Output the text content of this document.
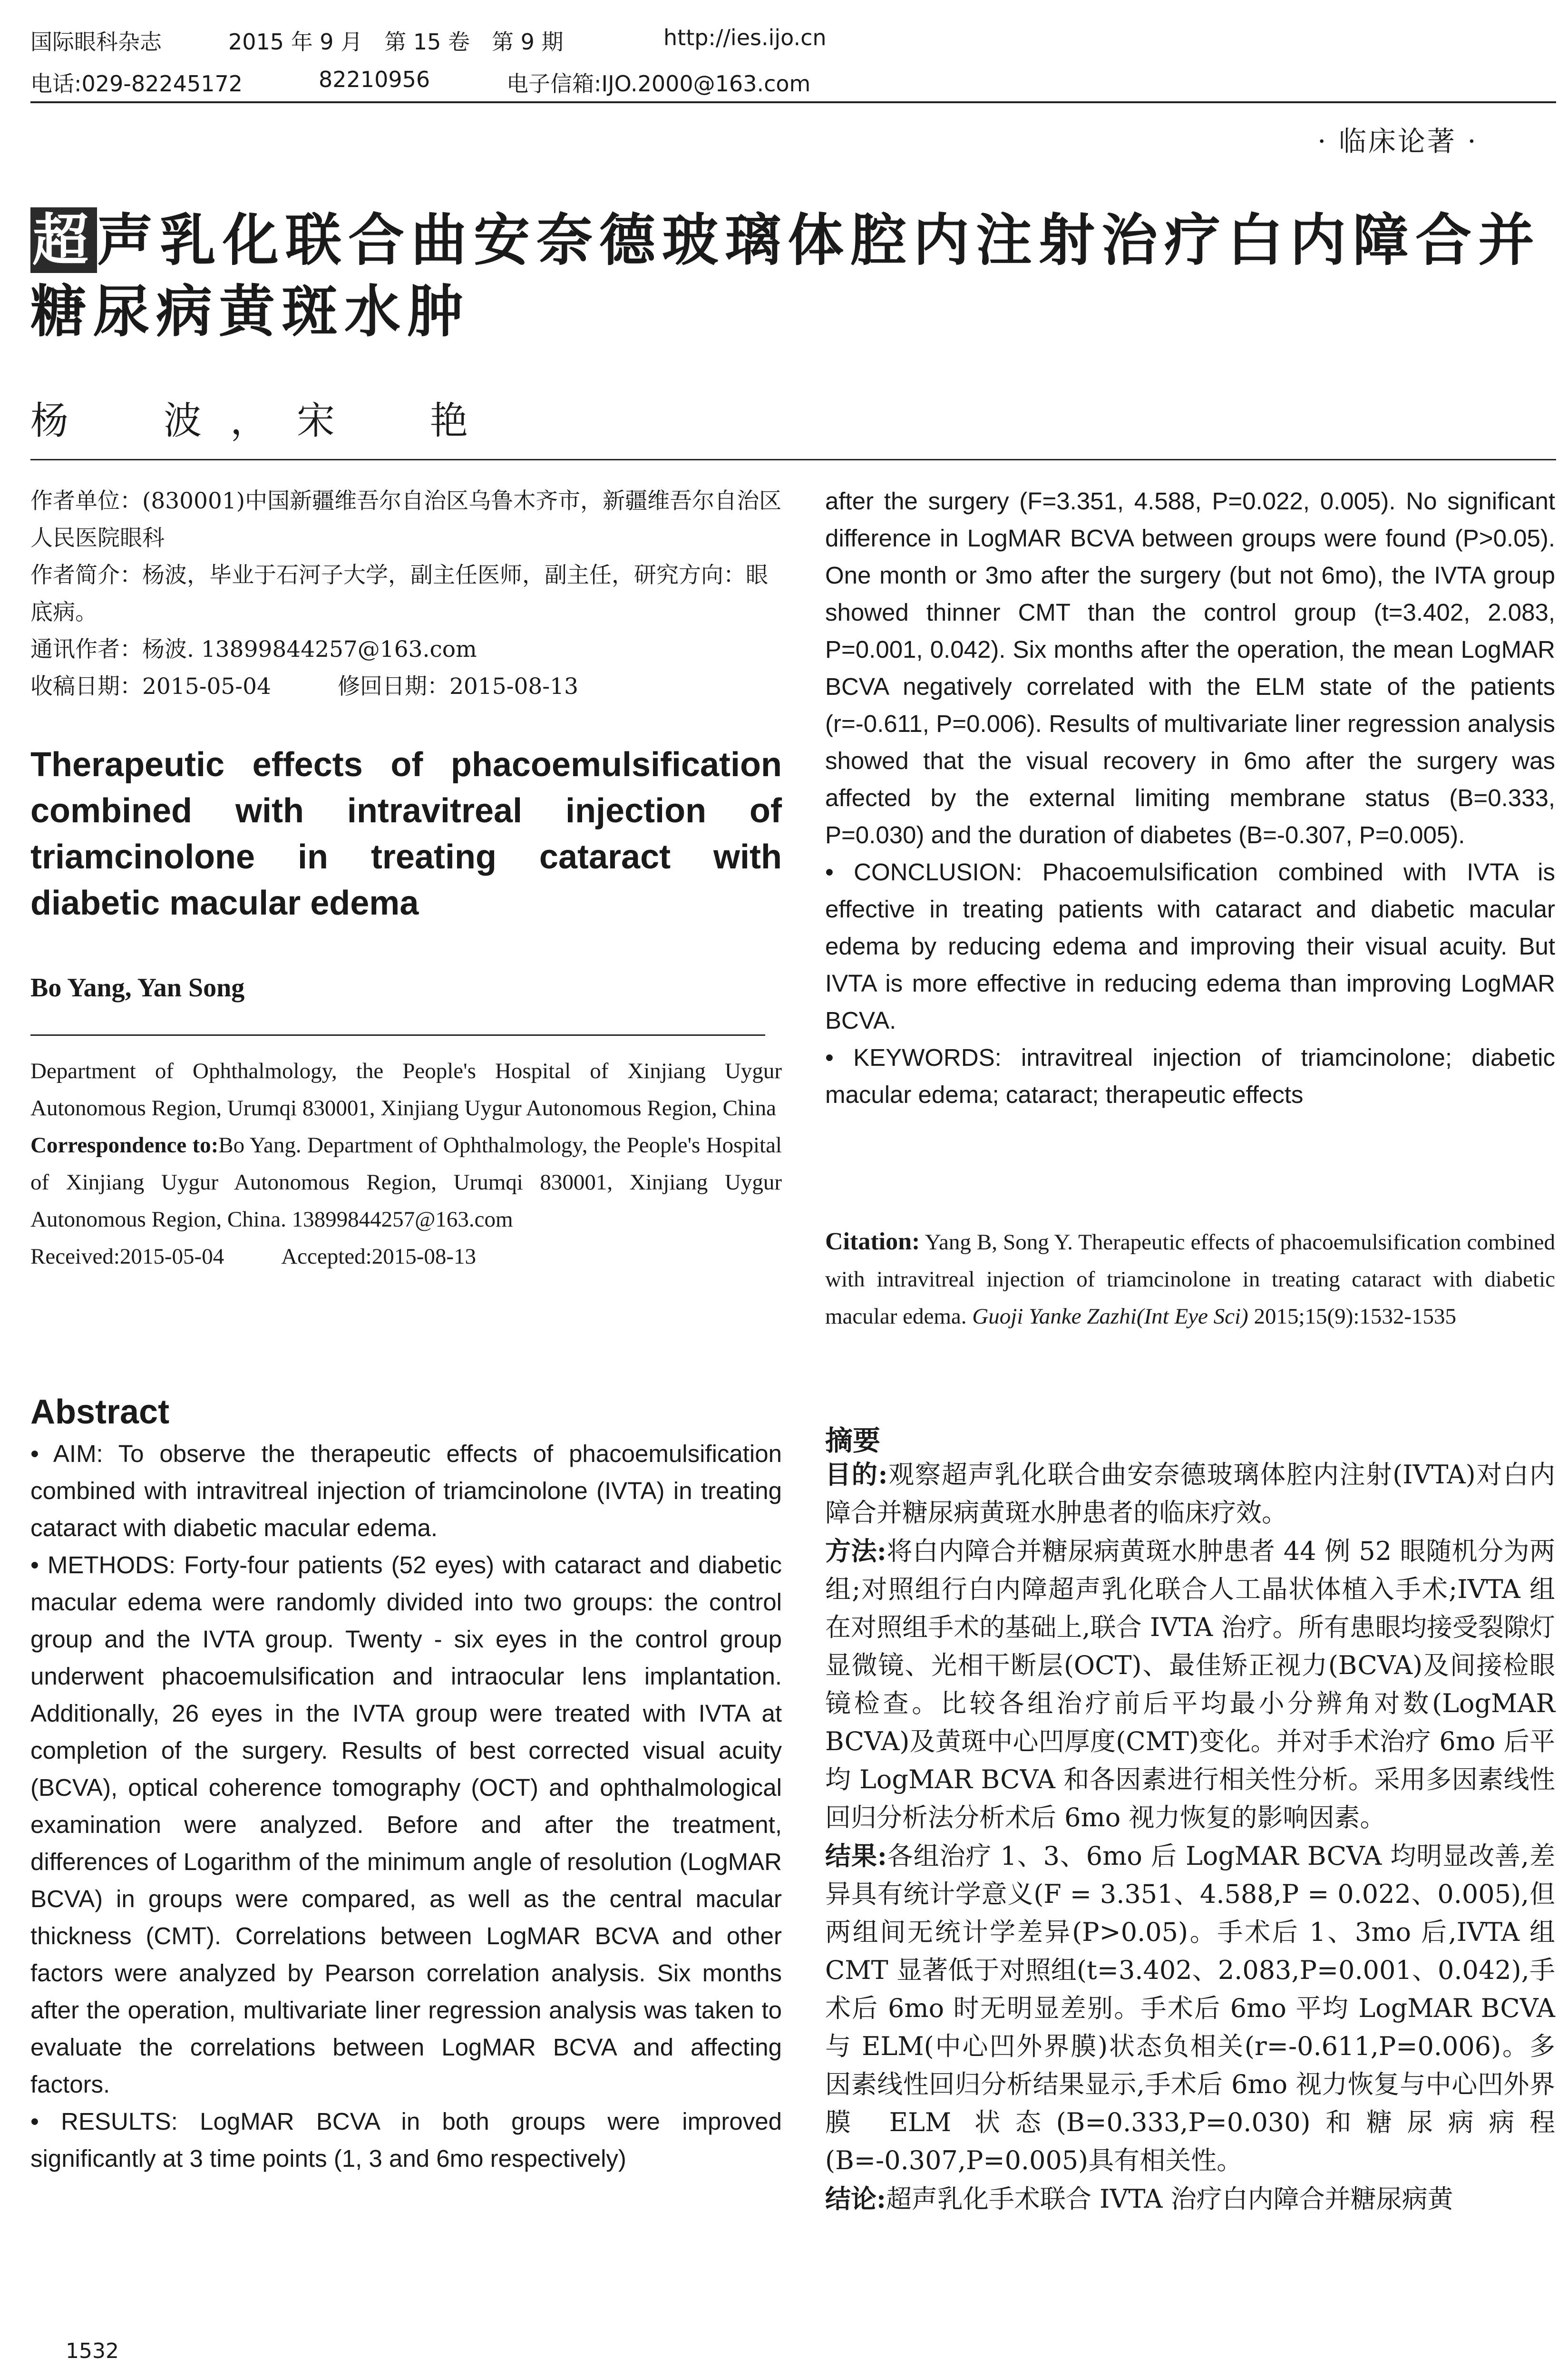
国际眼科杂志	2015 年 9 月　第 15 卷　第 9 期	http://ies.ijo.cn
电话:029-82245172	82210956	电子信箱:IJO.2000@163.com
· 临床论著 ·
超声乳化联合曲安奈德玻璃体腔内注射治疗白内障合并糖尿病黄斑水肿
杨　波，宋　艳
作者单位：(830001)中国新疆维吾尔自治区乌鲁木齐市，新疆维吾尔自治区人民医院眼科
作者简介：杨波，毕业于石河子大学，副主任医师，副主任，研究方向：眼底病。
通讯作者：杨波. 13899844257@163.com
收稿日期：2015-05-04	修回日期：2015-08-13
Therapeutic effects of phacoemulsification
combined with intravitreal injection of
triamcinolone in treating cataract with
diabetic macular edema
Bo Yang, Yan Song
Department of Ophthalmology, the People's Hospital of Xinjiang Uygur Autonomous Region, Urumqi 830001, Xinjiang Uygur Autonomous Region, China
Correspondence to:Bo Yang. Department of Ophthalmology, the People's Hospital of Xinjiang Uygur Autonomous Region, Urumqi 830001, Xinjiang Uygur Autonomous Region, China. 13899844257@163.com
Received:2015-05-04	Accepted:2015-08-13
Abstract

• AIM: To observe the therapeutic effects of phacoemulsification combined with intravitreal injection of triamcinolone (IVTA) in treating cataract with diabetic macular edema.

• METHODS: Forty-four patients (52 eyes) with cataract and diabetic macular edema were randomly divided into two groups: the control group and the IVTA group. Twenty - six eyes in the control group underwent phacoemulsification and intraocular lens implantation. Additionally, 26 eyes in the IVTA group were treated with IVTA at completion of the surgery. Results of best corrected visual acuity (BCVA), optical coherence tomography (OCT) and ophthalmological examination were analyzed. Before and after the treatment, differences of Logarithm of the minimum angle of resolution (LogMAR BCVA) in groups were compared, as well as the central macular thickness (CMT). Correlations between LogMAR BCVA and other factors were analyzed by Pearson correlation analysis. Six months after the operation, multivariate liner regression analysis was taken to evaluate the correlations between LogMAR BCVA and affecting factors.

• RESULTS: LogMAR BCVA in both groups were improved significantly at 3 time points (1, 3 and 6mo respectively)

1532

after the surgery (F=3.351, 4.588, P=0.022, 0.005). No significant difference in LogMAR BCVA between groups were found (P>0.05). One month or 3mo after the surgery (but not 6mo), the IVTA group showed thinner CMT than the control group (t=3.402, 2.083, P=0.001, 0.042). Six months after the operation, the mean LogMAR BCVA negatively correlated with the ELM state of the patients (r=-0.611, P=0.006). Results of multivariate liner regression analysis showed that the visual recovery in 6mo after the surgery was affected by the external limiting membrane status (B=0.333, P=0.030) and the duration of diabetes (B=-0.307, P=0.005).

• CONCLUSION: Phacoemulsification combined with IVTA is effective in treating patients with cataract and diabetic macular edema by reducing edema and improving their visual acuity. But IVTA is more effective in reducing edema than improving LogMAR BCVA.

• KEYWORDS: intravitreal injection of triamcinolone; diabetic macular edema; cataract; therapeutic effects

Citation: Yang B, Song Y. Therapeutic effects of phacoemulsification combined with intravitreal injection of triamcinolone in treating cataract with diabetic macular edema. Guoji Yanke Zazhi(Int Eye Sci) 2015;15(9):1532-1535
摘要

目的:观察超声乳化联合曲安奈德玻璃体腔内注射(IVTA)对白内障合并糖尿病黄斑水肿患者的临床疗效。

方法:将白内障合并糖尿病黄斑水肿患者 44 例 52 眼随机分为两组;对照组行白内障超声乳化联合人工晶状体植入手术;IVTA 组在对照组手术的基础上,联合 IVTA 治疗。所有患眼均接受裂隙灯显微镜、光相干断层(OCT)、最佳矫正视力(BCVA)及间接检眼镜检查。比较各组治疗前后平均最小分辨角对数(LogMAR BCVA)及黄斑中心凹厚度(CMT)变化。并对手术治疗 6mo 后平均 LogMAR BCVA 和各因素进行相关性分析。采用多因素线性回归分析法分析术后 6mo 视力恢复的影响因素。

结果:各组治疗 1、3、6mo 后 LogMAR BCVA 均明显改善,差异具有统计学意义(F = 3.351、4.588,P = 0.022、0.005),但两组间无统计学差异(P>0.05)。手术后 1、3mo 后,IVTA 组 CMT 显著低于对照组(t=3.402、2.083,P=0.001、0.042),手术后 6mo 时无明显差别。手术后 6mo 平均 LogMAR BCVA 与 ELM(中心凹外界膜)状态负相关(r=-0.611,P=0.006)。多因素线性回归分析结果显示,手术后 6mo 视力恢复与中心凹外界膜 ELM 状态(B=0.333,P=0.030)和糖尿病病程(B=-0.307,P=0.005)具有相关性。

结论:超声乳化手术联合 IVTA 治疗白内障合并糖尿病黄
